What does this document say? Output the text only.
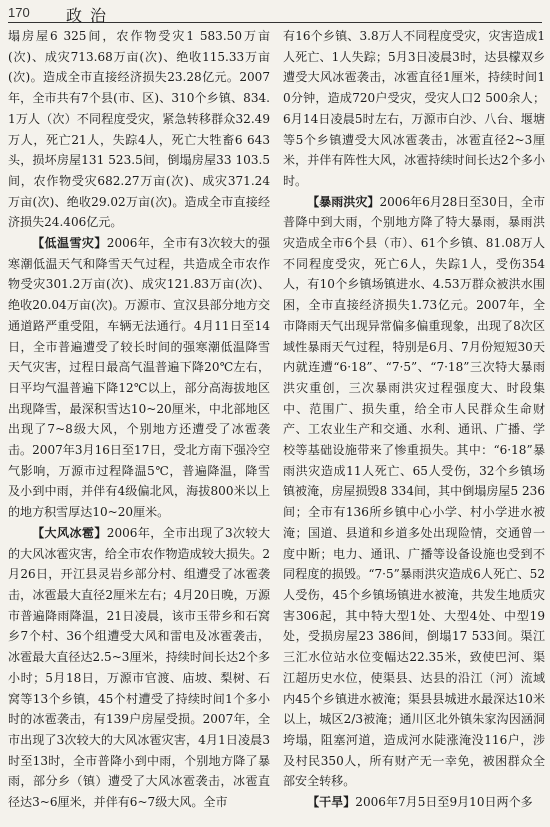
170 政治

塌房屋6 325间，农作物受灾1 583.50万亩(次)、成灾713.68万亩(次)、绝收115.33万亩(次)。造成全市直接经济损失23.28亿元。2007年，全市共有7个县(市、区)、310个乡镇、834.1万人（次）不同程度受灾，紧急转移群众32.49万人，死亡21人，失踪4人，死亡大牲畜6 643头，损坏房屋131 523.5间，倒塌房屋33 103.5间，农作物受灾682.27万亩(次)、成灾371.24万亩(次)、绝收29.02万亩(次)。造成全市直接经济损失24.406亿元。

【低温雪灾】2006年，全市有3次较大的强寒潮低温天气和降雪天气过程，共造成全市农作物受灾301.2万亩(次)、成灾121.83万亩(次)、绝收20.04万亩(次)。万源市、宣汉县部分地方交通道路严重受阻，车辆无法通行。4月11日至14日，全市普遍遭受了较长时间的强寒潮低温降雪天气灾害，过程日最高气温普遍下降20℃左右，日平均气温普遍下降12℃以上，部分高海拔地区出现降雪，最深积雪达10~20厘米，中北部地区出现了7~8级大风，个别地方还遭受了冰雹袭击。2007年3月16日至17日，受北方南下强冷空气影响，万源市过程降温5℃，普遍降温，降雪及小到中雨，并伴有4级偏北风，海拔800米以上的地方积雪厚达10~20厘米。

【大风冰雹】2006年，全市出现了3次较大的大风冰雹灾害，给全市农作物造成较大损失。2月26日，开江县灵岩乡部分村、组遭受了冰雹袭击，冰雹最大直径2厘米左右；4月20日晚，万源市普遍降雨降温，21日凌晨，该市玉带乡和石窝乡7个村、36个组遭受大风和雷电及冰雹袭击，冰雹最大直径达2.5~3厘米，持续时间长达2个多小时；5月18日，万源市官渡、庙坡、梨树、石窝等13个乡镇，45个村遭受了持续时间1个多小时的冰雹袭击，有139户房屋受损。2007年，全市出现了3次较大的大风冰雹灾害，4月1日凌晨3时至13时，全市普降小到中雨，个别地方降了暴雨，部分乡（镇）遭受了大风冰雹袭击，冰雹直径达3~6厘米，并伴有6~7级大风。全市

有16个乡镇、3.8万人不同程度受灾，灾害造成1人死亡、1人失踪；5月3日凌晨3时，达县檬双乡遭受大风冰雹袭击，冰雹直径1厘米，持续时间10分钟，造成720户受灾，受灾人口2 500余人；6月14日凌晨5时左右，万源市白沙、八台、堰塘等5个乡镇遭受大风冰雹袭击，冰雹直径2~3厘米，并伴有阵性大风，冰雹持续时间长达2个多小时。

【暴雨洪灾】2006年6月28日至30日，全市普降中到大雨，个别地方降了特大暴雨，暴雨洪灾造成全市6个县（市）、61个乡镇、81.08万人不同程度受灾，死亡6人，失踪1人，受伤354人，有10个乡镇场镇进水、4.53万群众被洪水围困，全市直接经济损失1.73亿元。2007年，全市降雨天气出现异常偏多偏重现象，出现了8次区域性暴雨天气过程，特别是6月、7月份短短30天内就连遭“6·18”、“7·5”、“7·18”三次特大暴雨洪灾重创，三次暴雨洪灾过程强度大、时段集中、范围广、损失重，给全市人民群众生命财产、工农业生产和交通、水利、通讯、广播、学校等基础设施带来了惨重损失。其中：“6·18”暴雨洪灾造成11人死亡、65人受伤，32个乡镇场镇被淹，房屋损毁8 334间，其中倒塌房屋5 236间；全市有136所乡镇中心小学、村小学进水被淹；国道、县道和乡道多处出现险情，交通曾一度中断；电力、通讯、广播等设备设施也受到不同程度的损毁。“7·5”暴雨洪灾造成6人死亡、52人受伤，45个乡镇场镇进水被淹，共发生地质灾害306起，其中特大型1处、大型4处、中型19处，受损房屋23 386间，倒塌17 533间。渠江三汇水位站水位变幅达22.35米，致使巴河、渠江超历史水位，使渠县、达县的沿江（河）流域内45个乡镇进水被淹；渠县县城进水最深达10米以上，城区2/3被淹；通川区北外镇朱家沟因涵洞垮塌，阻塞河道，造成河水陡涨淹没116户，涉及村民350人，所有财产无一幸免，被困群众全部安全转移。

【干旱】2006年7月5日至9月10日两个多
